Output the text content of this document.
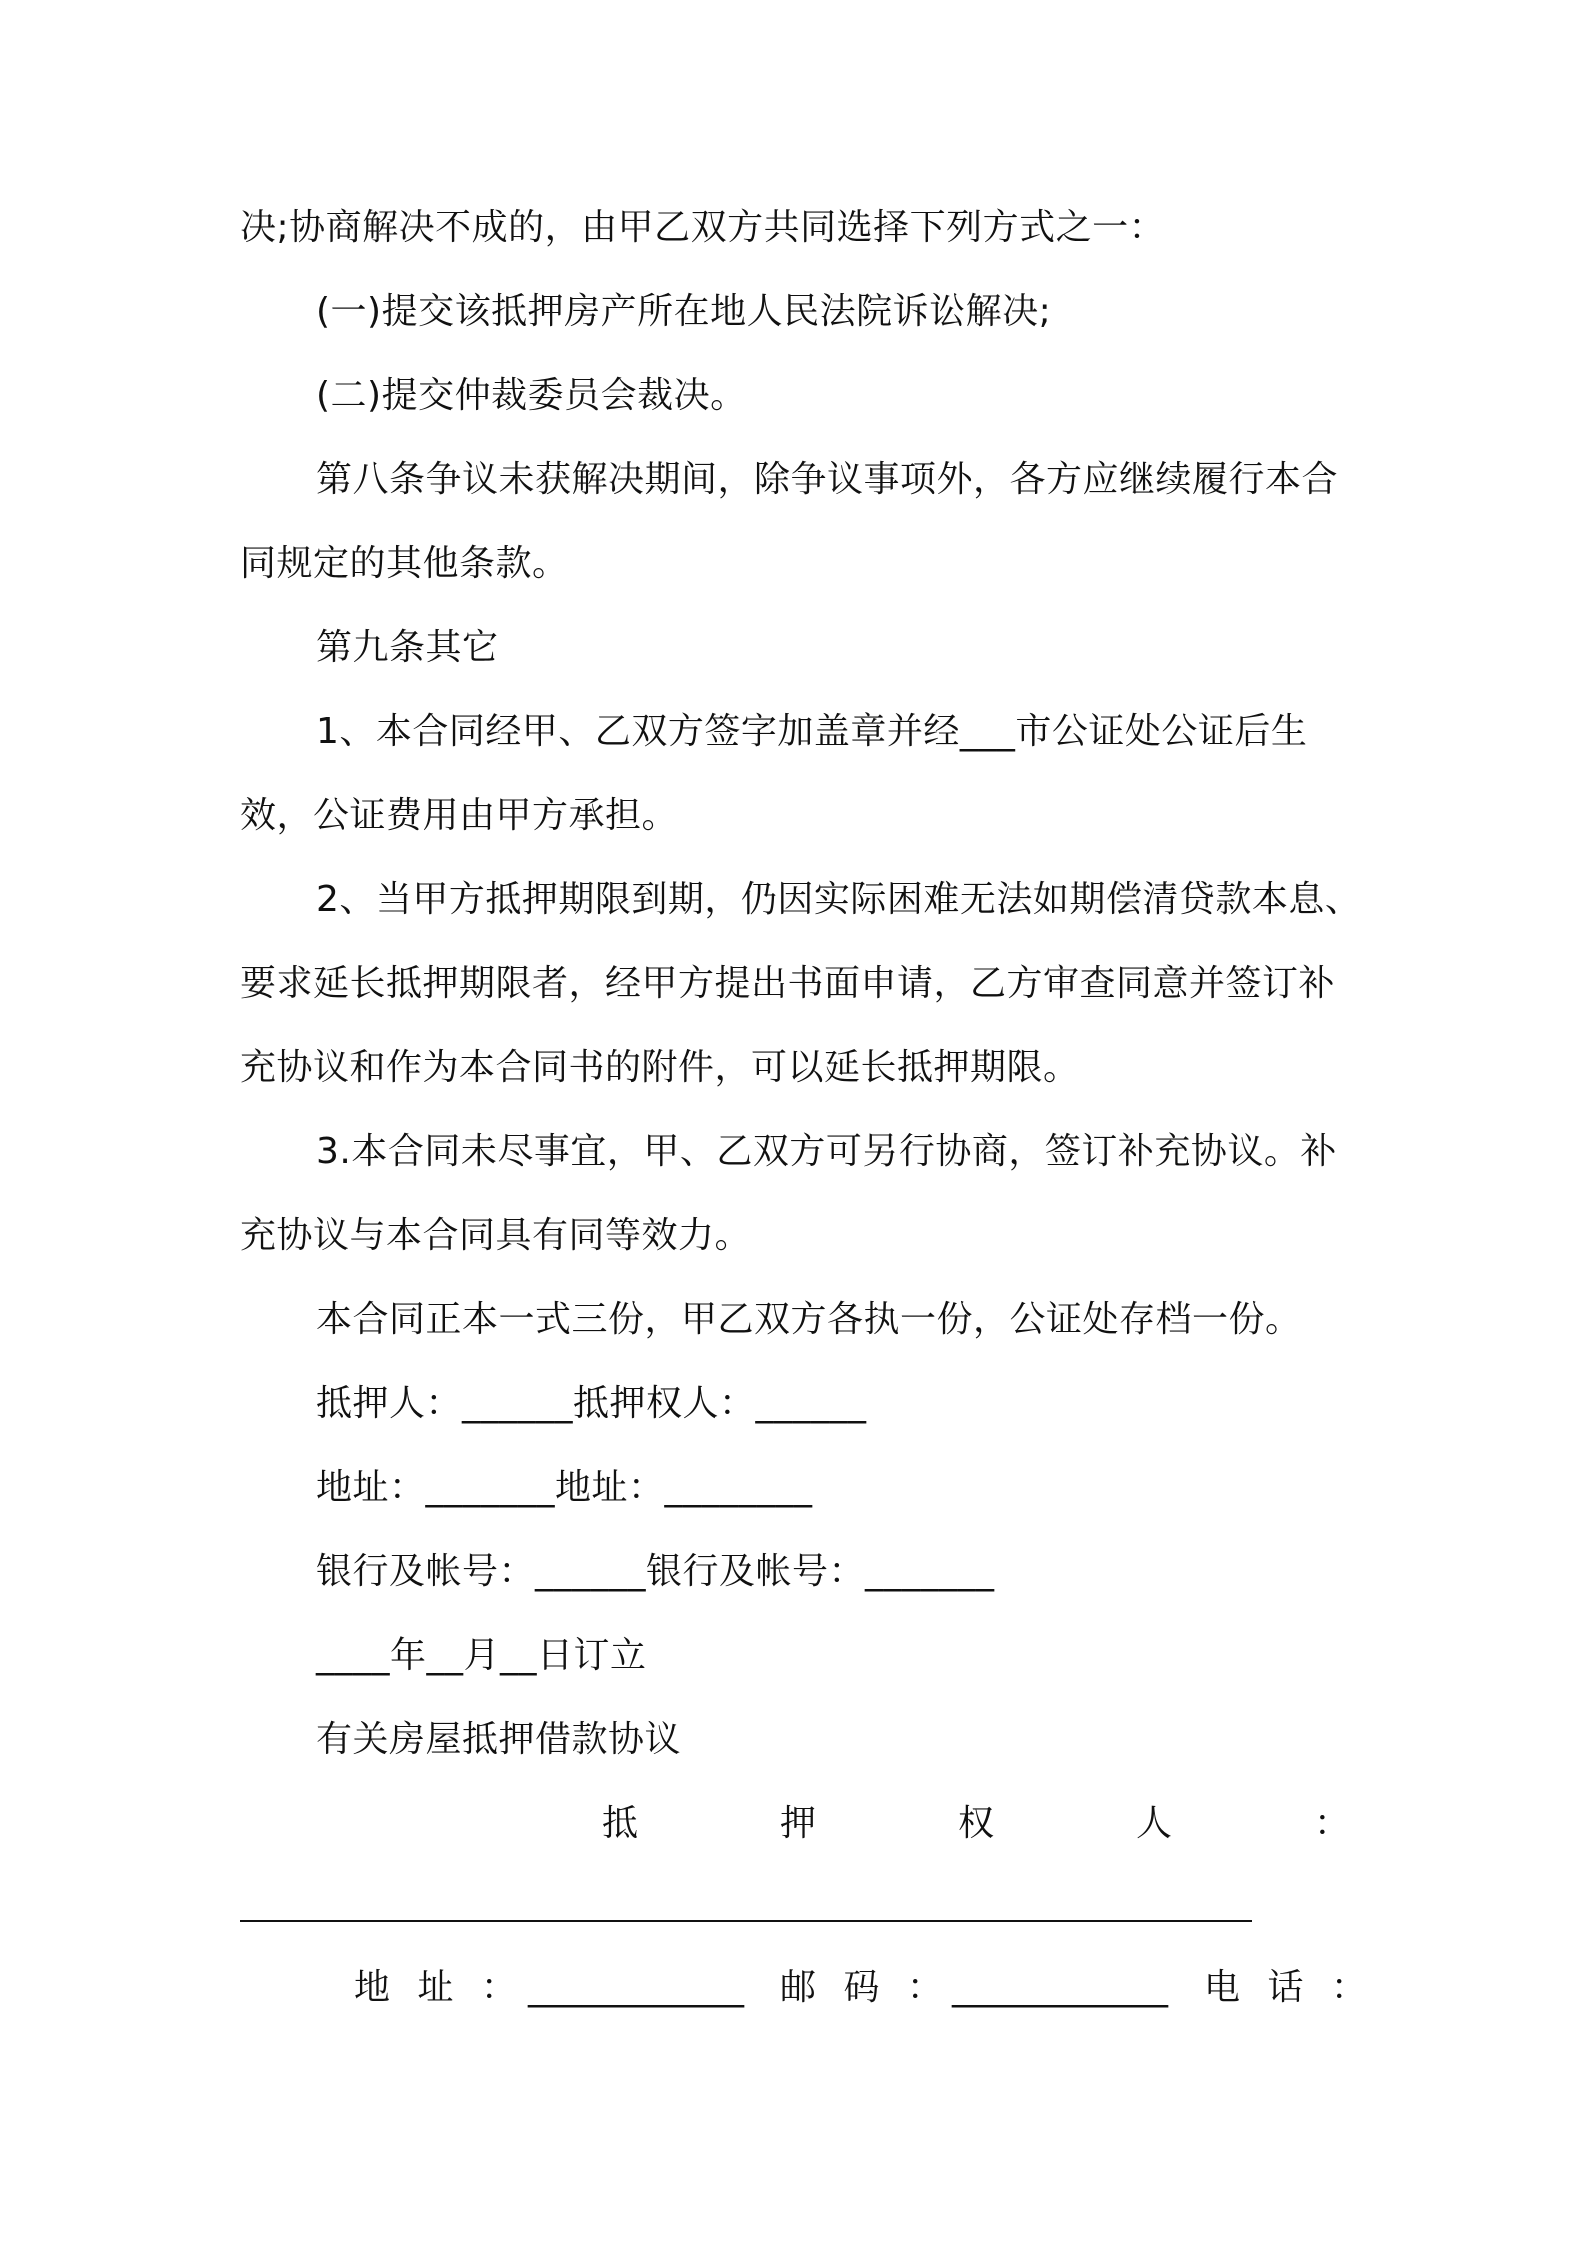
决;协商解决不成的，由甲乙双方共同选择下列方式之一：
(一)提交该抵押房产所在地人民法院诉讼解决;
(二)提交仲裁委员会裁决。
第八条争议未获解决期间，除争议事项外，各方应继续履行本合
同规定的其他条款。
第九条其它
1、本合同经甲、乙双方签字加盖章并经___市公证处公证后生
效，公证费用由甲方承担。
2、当甲方抵押期限到期，仍因实际困难无法如期偿清贷款本息、
要求延长抵押期限者，经甲方提出书面申请，乙方审查同意并签订补
充协议和作为本合同书的附件，可以延长抵押期限。
3.本合同未尽事宜，甲、乙双方可另行协商，签订补充协议。补
充协议与本合同具有同等效力。
本合同正本一式三份，甲乙双方各执一份，公证处存档一份。
抵押人：______抵押权人：______
地址：_______地址：________
银行及帐号：______银行及帐号：_______
____年__月__日订立
有关房屋抵押借款协议
抵	押	权	人	：
地 址 ： ____________ 邮 码 ： ____________ 电 话 ：
